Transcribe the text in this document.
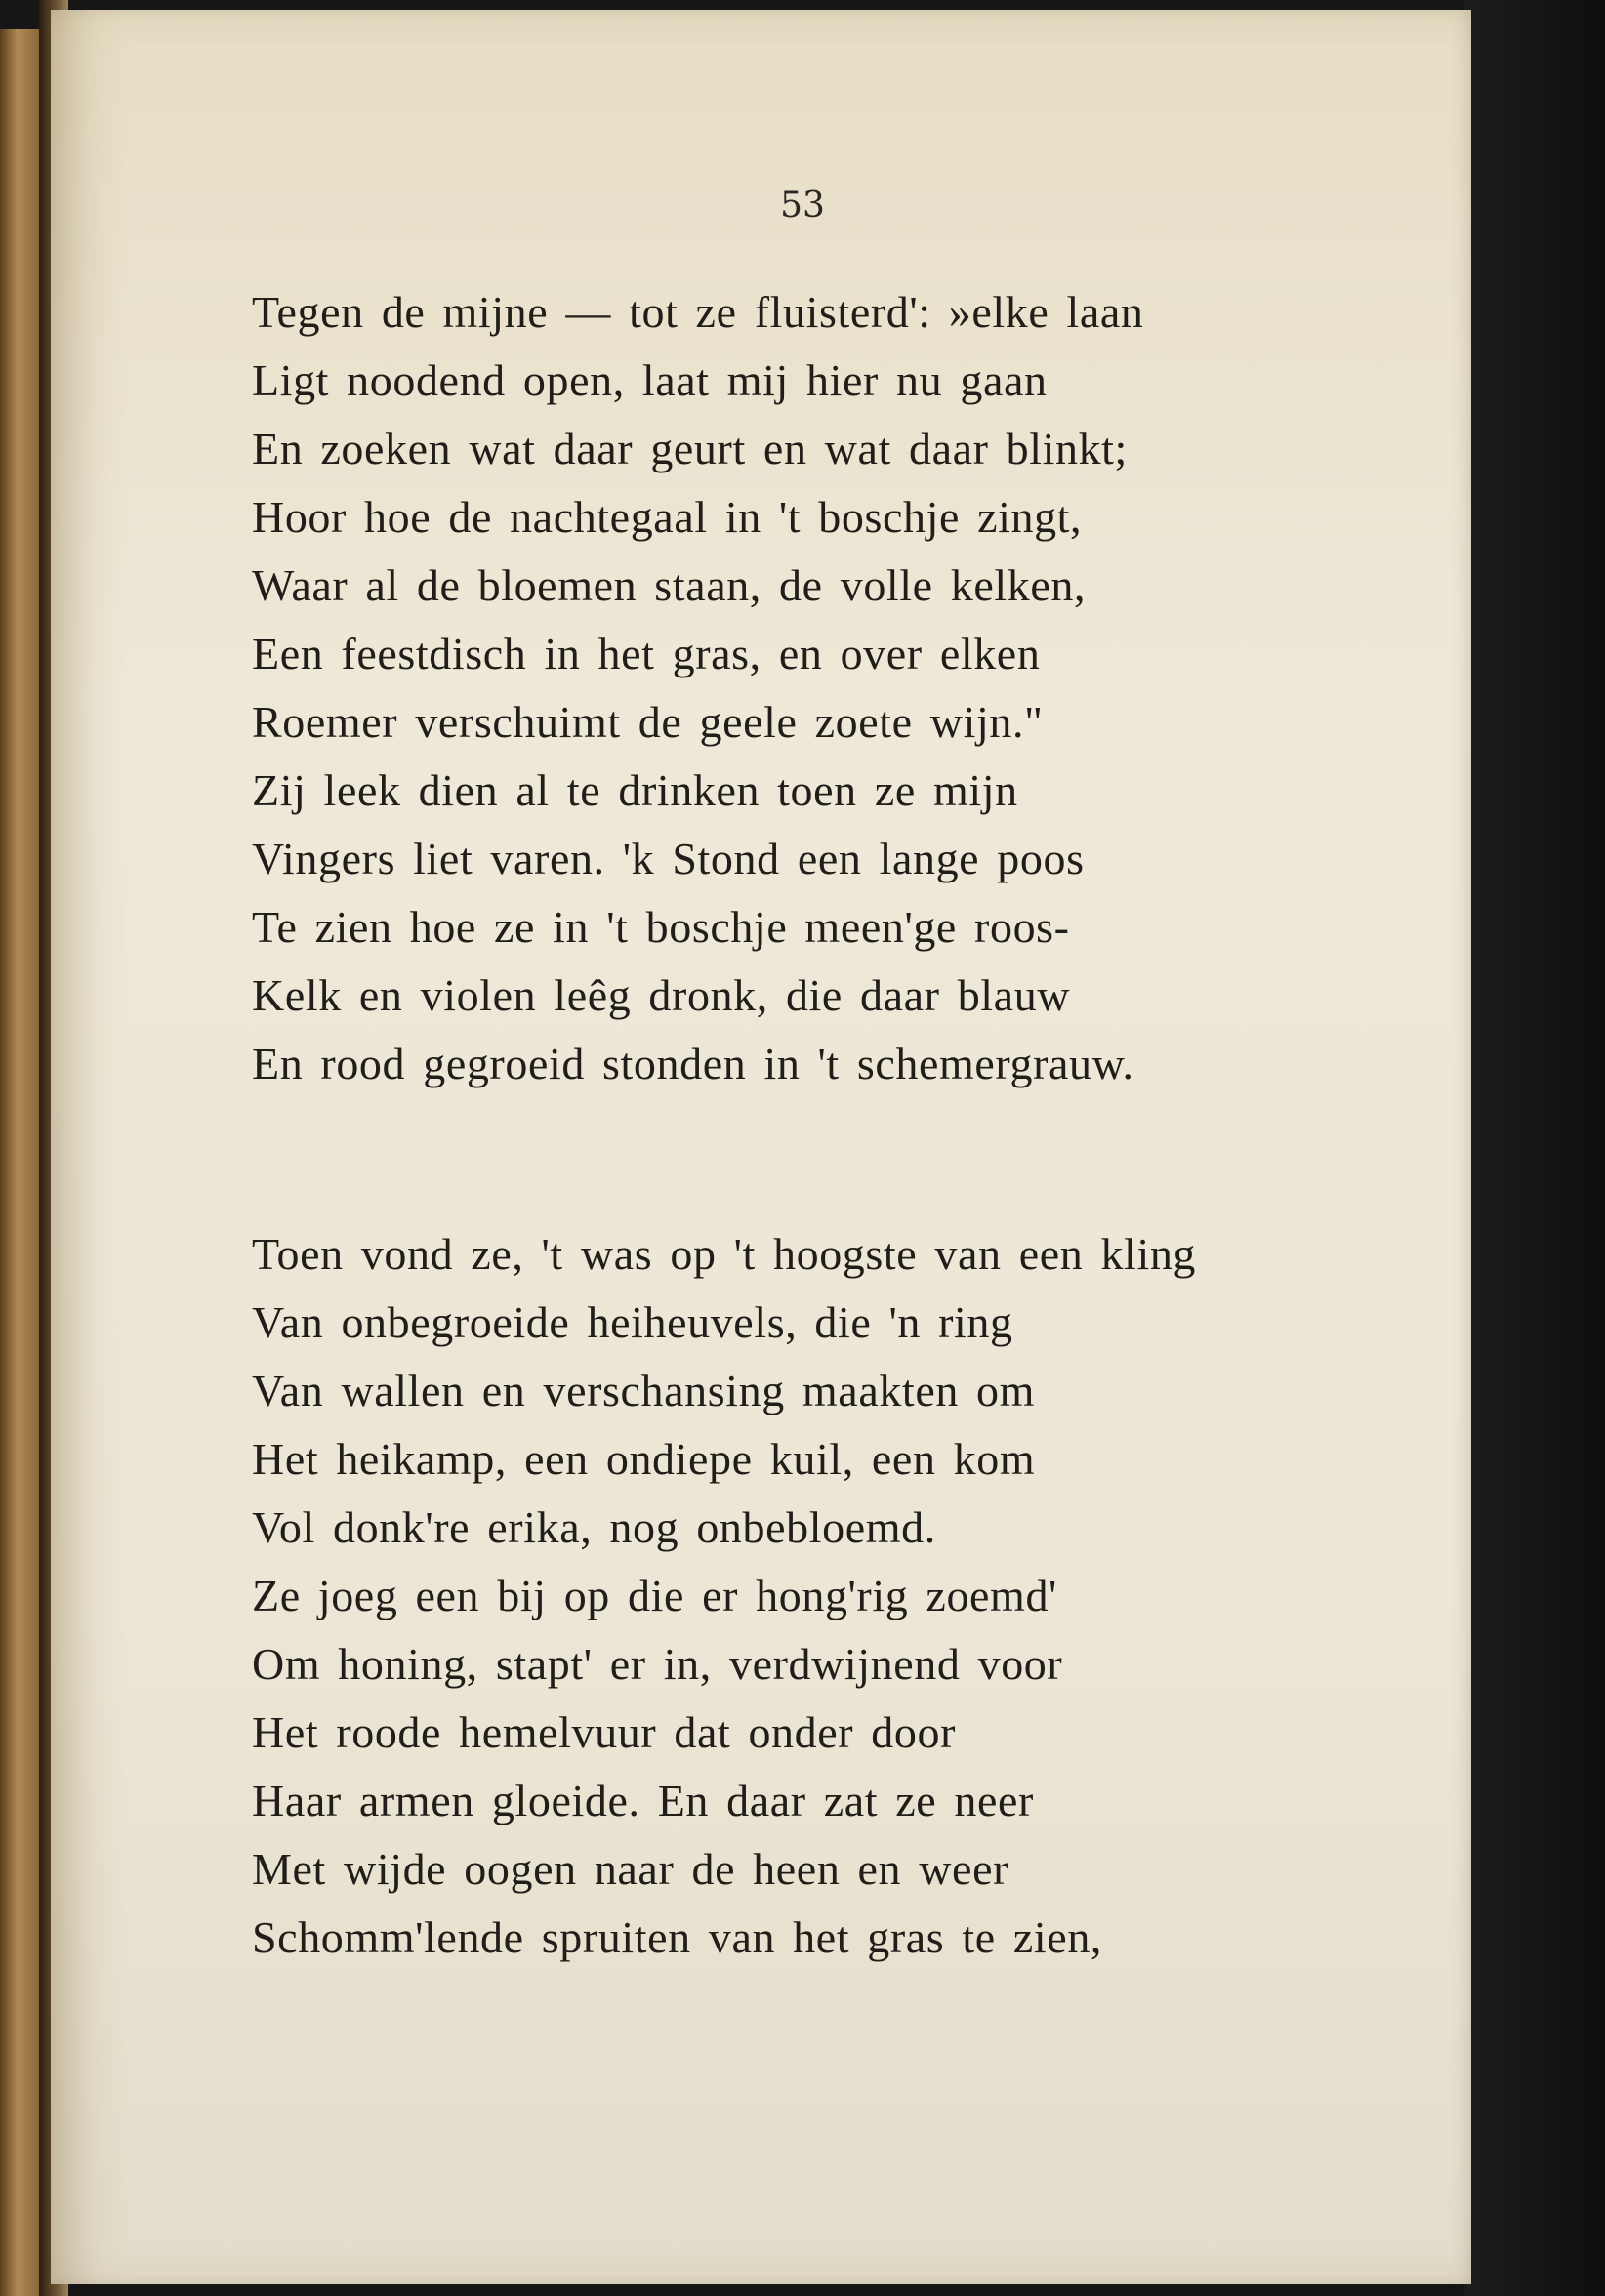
53
Tegen de mijne — tot ze fluisterd': »elke laan
Ligt noodend open, laat mij hier nu gaan
En zoeken wat daar geurt en wat daar blinkt;
Hoor hoe de nachtegaal in 't boschje zingt,
Waar al de bloemen staan, de volle kelken,
Een feestdisch in het gras, en over elken
Roemer verschuimt de geele zoete wijn."
Zij leek dien al te drinken toen ze mijn
Vingers liet varen. 'k Stond een lange poos
Te zien hoe ze in 't boschje meen'ge roos-
Kelk en violen leêg dronk, die daar blauw
En rood gegroeid stonden in 't schemergrauw.
Toen vond ze, 't was op 't hoogste van een kling
Van onbegroeide heiheuvels, die 'n ring
Van wallen en verschansing maakten om
Het heikamp, een ondiepe kuil, een kom
Vol donk're erika, nog onbebloemd.
Ze joeg een bij op die er hong'rig zoemd'
Om honing, stapt' er in, verdwijnend voor
Het roode hemelvuur dat onder door
Haar armen gloeide. En daar zat ze neer
Met wijde oogen naar de heen en weer
Schomm'lende spruiten van het gras te zien,
